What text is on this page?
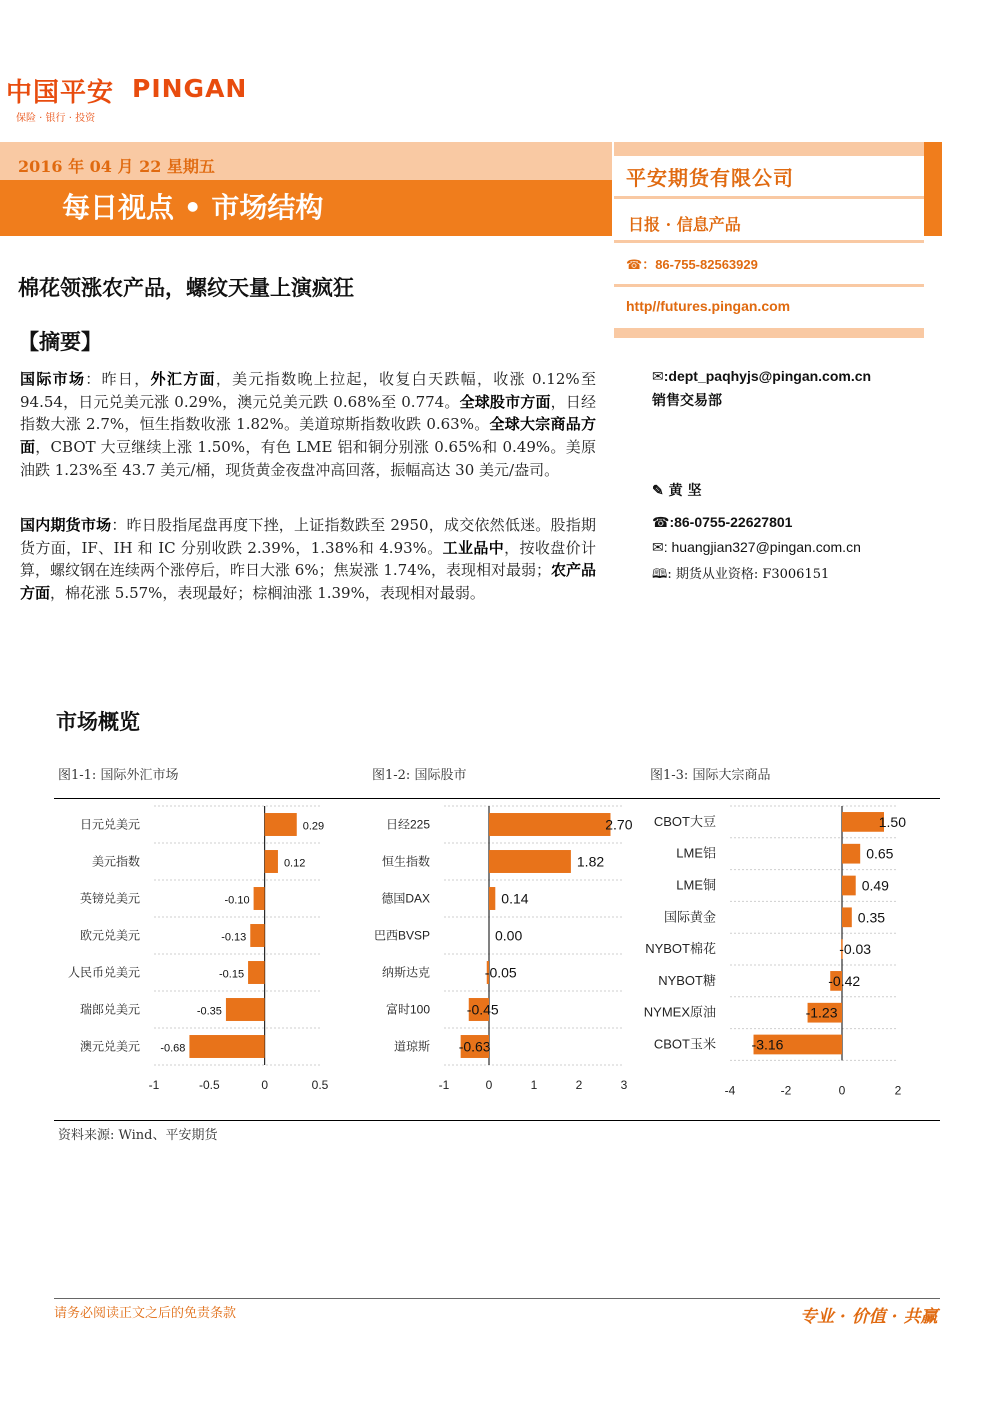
中国平安 PINGAN
保险 · 银行 · 投资
2016 年 04 月 22 星期五
每日视点 • 市场结构
平安期货有限公司
日报 · 信息产品
☎：86-755-82563929
http//futures.pingan.com
棉花领涨农产品，螺纹天量上演疯狂
【摘要】
国际市场：昨日，外汇方面，美元指数晚上拉起，收复白天跌幅，收涨 0.12%至 94.54，日元兑美元涨 0.29%，澳元兑美元跌 0.68%至 0.774。全球股市方面，日经指数大涨 2.7%，恒生指数收涨 1.82%。美道琼斯指数收跌 0.63%。全球大宗商品方面，CBOT 大豆继续上涨 1.50%，有色 LME 铝和铜分别涨 0.65%和 0.49%。美原油跌 1.23%至 43.7 美元/桶，现货黄金夜盘冲高回落，振幅高达 30 美元/盎司。
国内期货市场：昨日股指尾盘再度下挫，上证指数跌至 2950，成交依然低迷。股指期货方面，IF、IH 和 IC 分别收跌 2.39%，1.38%和 4.93%。工业品中，按收盘价计算，螺纹钢在连续两个涨停后，昨日大涨 6%；焦炭涨 1.74%，表现相对最弱；农产品方面，棉花涨 5.57%，表现最好；棕榈油涨 1.39%，表现相对最弱。
✉:dept_paqhyjs@pingan.com.cn
销售交易部
✎ 黄 坚
☎:86-0755-22627801
✉: huangjian327@pingan.com.cn
🕮: 期货从业资格: F3006151
市场概览
图1-1: 国际外汇市场	图1-2: 国际股市	图1-3: 国际大宗商品
日元兑美元	0.29
美元指数	0.12
英镑兑美元	-0.10
欧元兑美元	-0.13
人民币兑美元	-0.15
瑞郎兑美元	-0.35
澳元兑美元 -0.68
-1	-0.5	0	0.5
日经225	2.70
恒生指数	1.82
德国DAX	0.14
巴西BVSP	0.00
纳斯达克	-0.05
富时100	-0.45
道琼斯 -0.63
-1	0	1	2	3
CBOT大豆	1.50
LME铝	0.65
LME铜	0.49
国际黄金	0.35
NYBOT棉花	-0.03
NYBOT糖	-0.42
NYMEX原油	-1.23
CBOT玉米	-3.16
-4	-2	0	2
资料来源: Wind、平安期货
请务必阅读正文之后的免责条款	专业 · 价值 · 共赢
